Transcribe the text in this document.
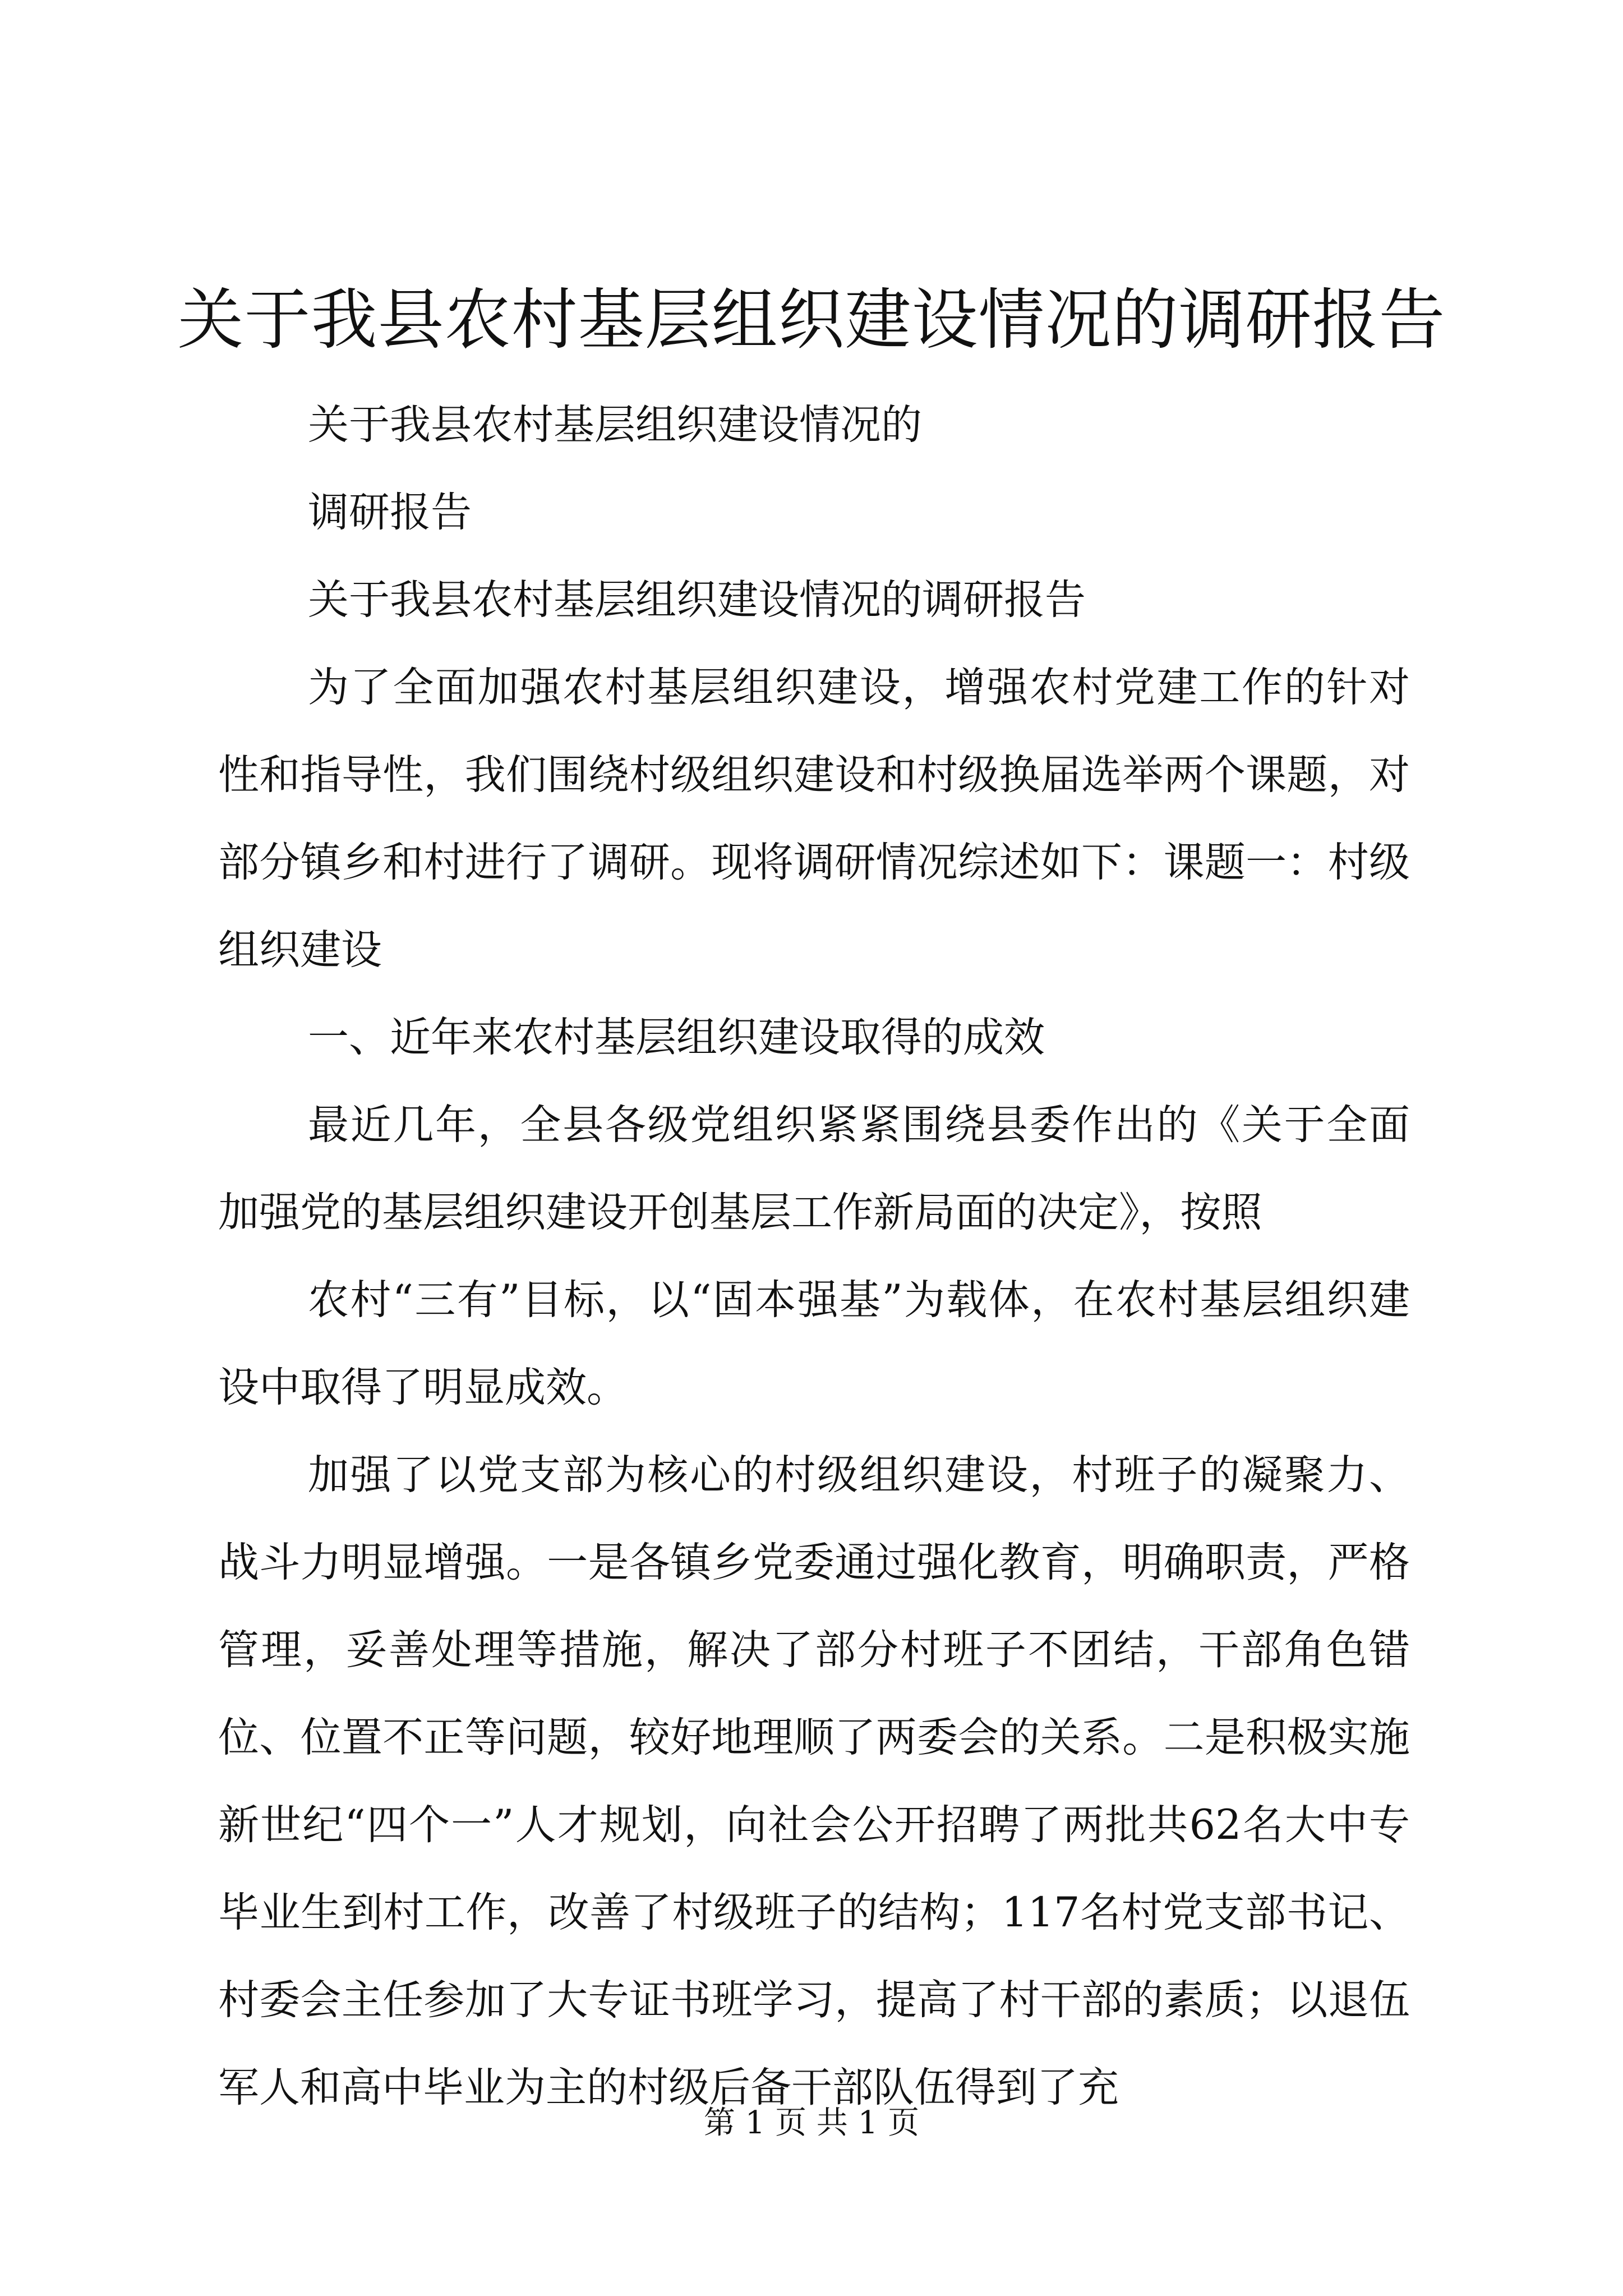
关于我县农村基层组织建设情况的调研报告

关于我县农村基层组织建设情况的

调研报告

关于我县农村基层组织建设情况的调研报告

为了全面加强农村基层组织建设，增强农村党建工作的针对性和指导性，我们围绕村级组织建设和村级换届选举两个课题，对部分镇乡和村进行了调研。现将调研情况综述如下：课题一：村级组织建设

一、近年来农村基层组织建设取得的成效

最近几年，全县各级党组织紧紧围绕县委作出的《关于全面加强党的基层组织建设开创基层工作新局面的决定》，按照

农村“三有”目标，以“固本强基”为载体，在农村基层组织建设中取得了明显成效。

加强了以党支部为核心的村级组织建设，村班子的凝聚力、战斗力明显增强。一是各镇乡党委通过强化教育，明确职责，严格管理，妥善处理等措施，解决了部分村班子不团结，干部角色错位、位置不正等问题，较好地理顺了两委会的关系。二是积极实施新世纪“四个一”人才规划，向社会公开招聘了两批共62名大中专毕业生到村工作，改善了村级班子的结构；117名村党支部书记、村委会主任参加了大专证书班学习，提高了村干部的素质；以退伍军人和高中毕业为主的村级后备干部队伍得到了充

第 1 页 共 1 页
